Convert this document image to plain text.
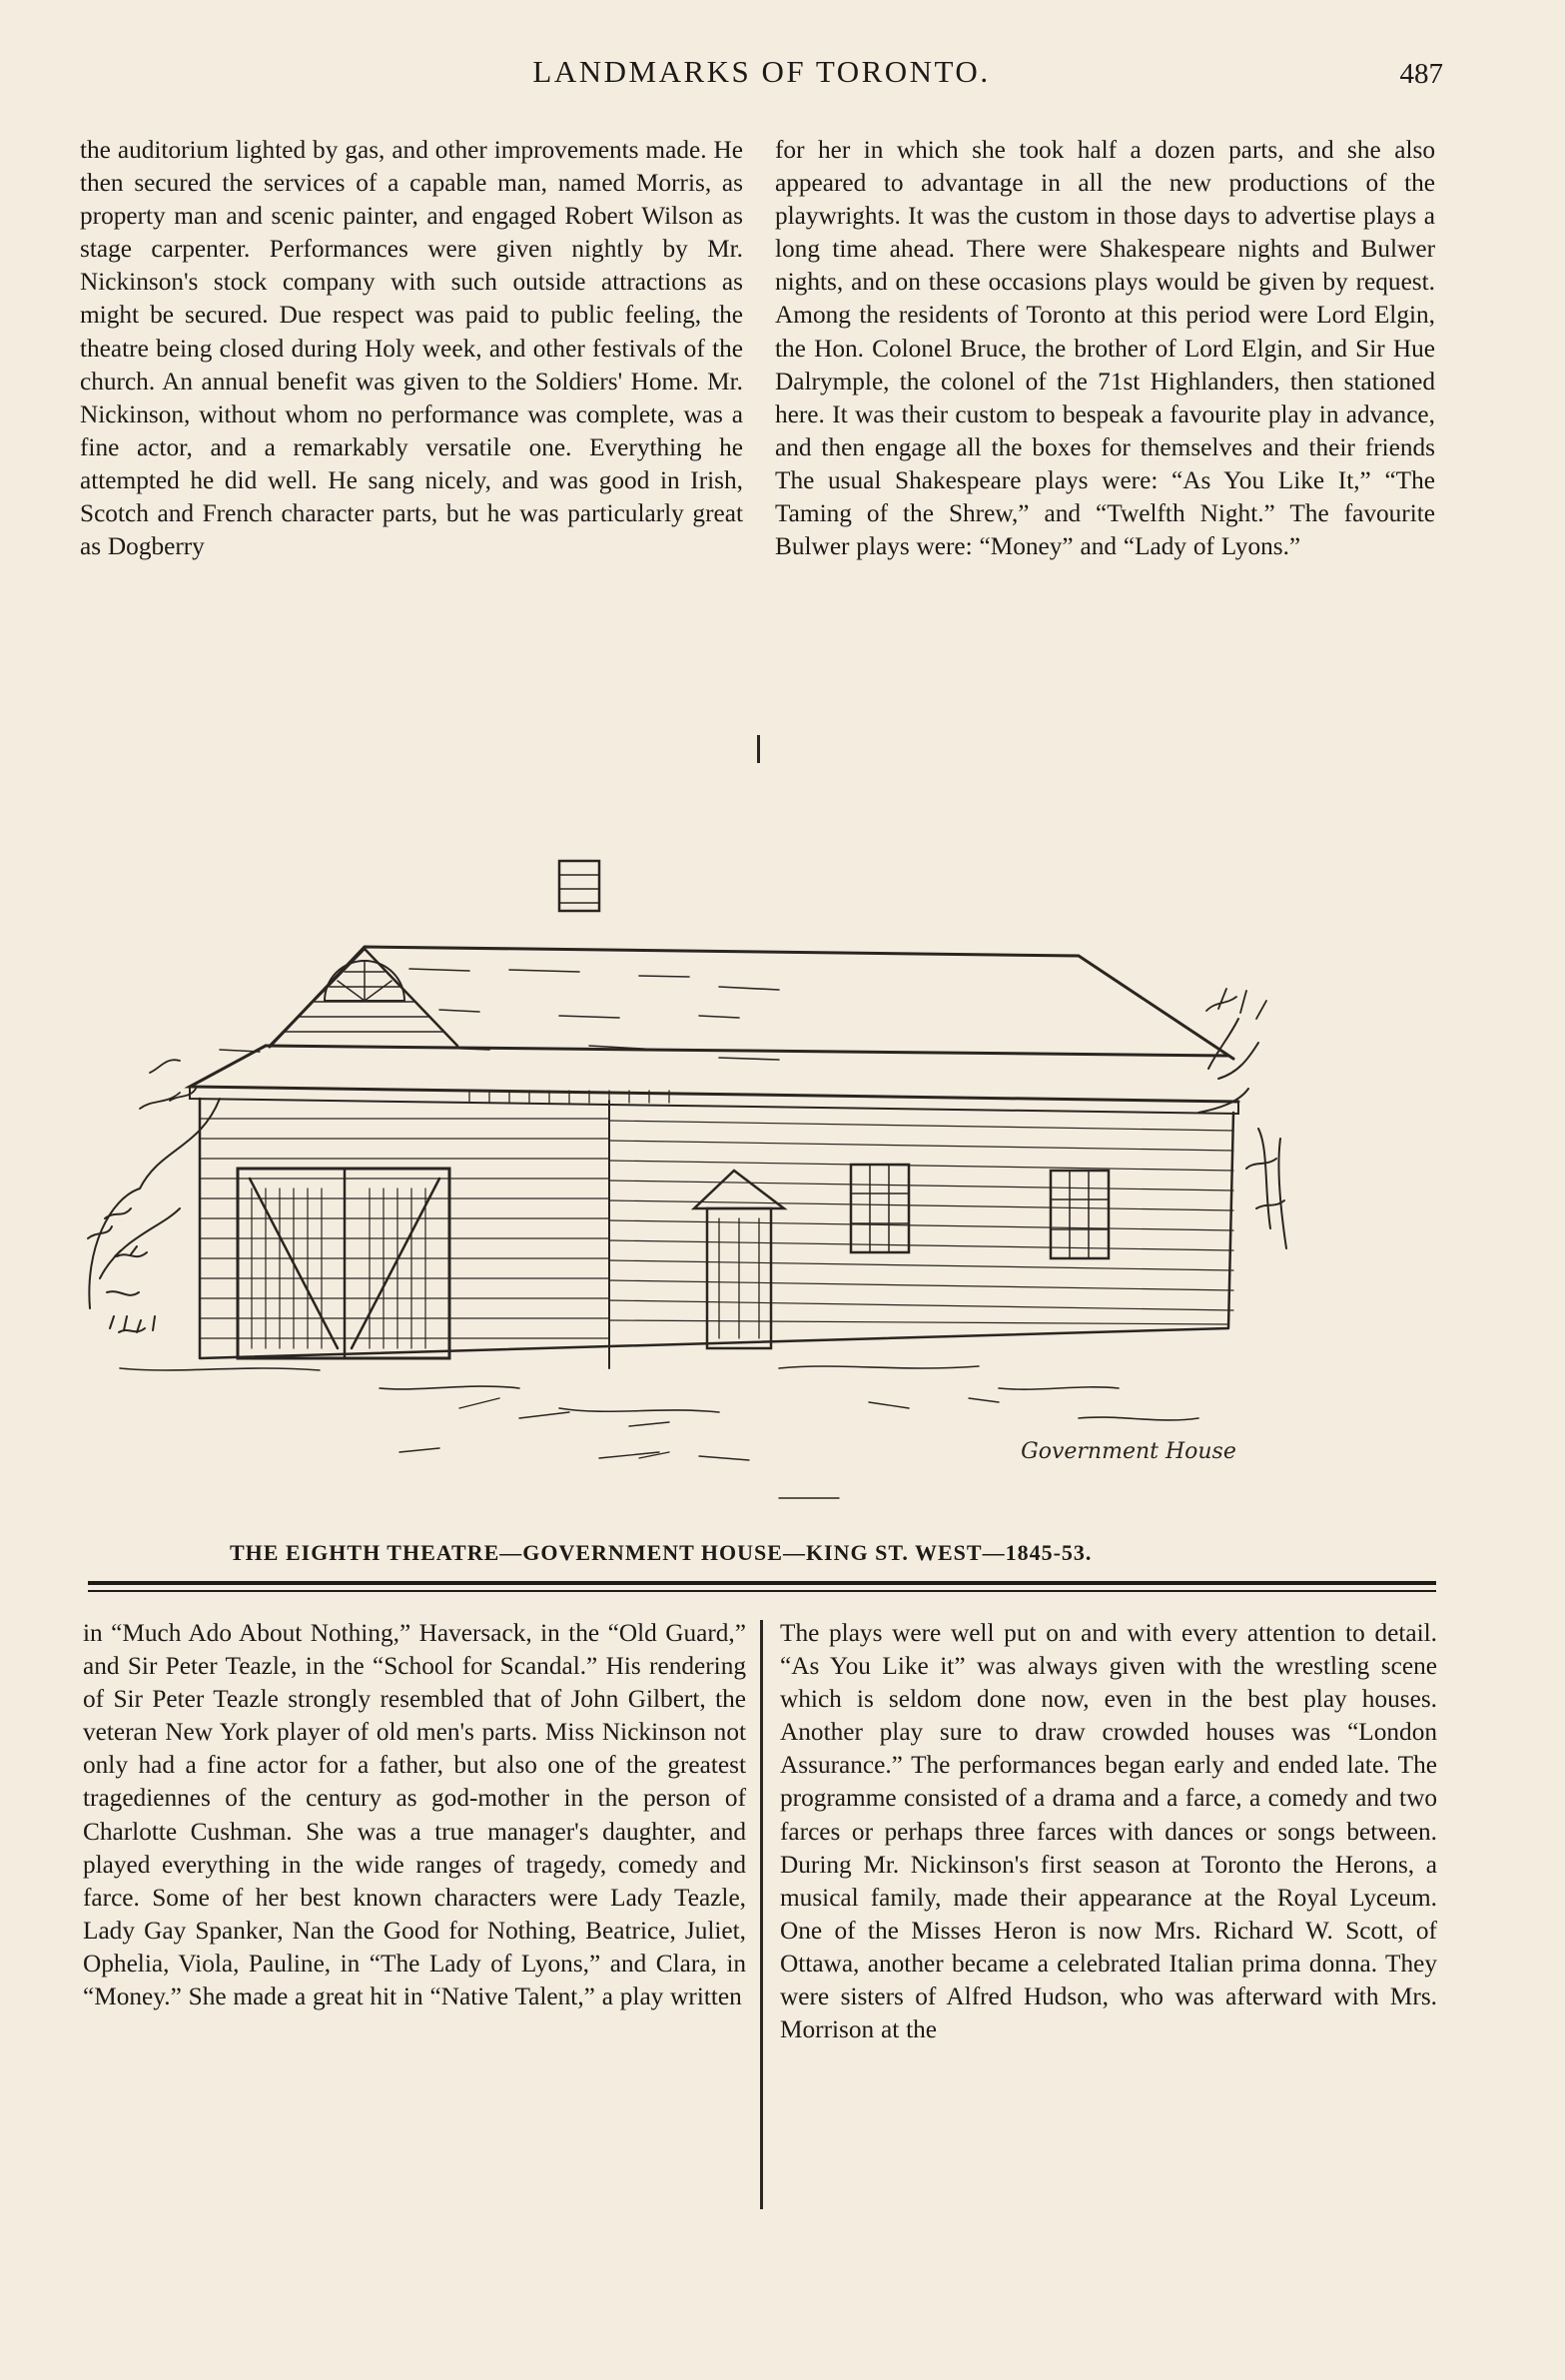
LANDMARKS OF TORONTO.	487

the auditorium lighted by gas, and other improvements made. He then secured the services of a capable man, named Morris, as property man and scenic painter, and engaged Robert Wilson as stage carpenter. Performances were given nightly by Mr. Nickinson's stock company with such outside attractions as might be secured. Due respect was paid to public feeling, the theatre being closed during Holy week, and other festivals of the church. An annual benefit was given to the Soldiers' Home. Mr. Nickinson, without whom no performance was complete, was a fine actor, and a remarkably versatile one. Everything he attempted he did well. He sang nicely, and was good in Irish, Scotch and French character parts, but he was particularly great as Dogberry

for her in which she took half a dozen parts, and she also appeared to advantage in all the new productions of the playwrights. It was the custom in those days to advertise plays a long time ahead. There were Shakespeare nights and Bulwer nights, and on these occasions plays would be given by request. Among the residents of Toronto at this period were Lord Elgin, the Hon. Colonel Bruce, the brother of Lord Elgin, and Sir Hue Dalrymple, the colonel of the 71st Highlanders, then stationed here. It was their custom to bespeak a favourite play in advance, and then engage all the boxes for themselves and their friends The usual Shakespeare plays were: “As You Like It,” “The Taming of the Shrew,” and “Twelfth Night.” The favourite Bulwer plays were: “Money” and “Lady of Lyons.”

Government House
THE EIGHTH THEATRE—GOVERNMENT HOUSE—KING ST. WEST—1845-53.

in “Much Ado About Nothing,” Haversack, in the “Old Guard,” and Sir Peter Teazle, in the “School for Scandal.” His rendering of Sir Peter Teazle strongly resembled that of John Gilbert, the veteran New York player of old men's parts. Miss Nickinson not only had a fine actor for a father, but also one of the greatest tragediennes of the century as god-mother in the person of Charlotte Cushman. She was a true manager's daughter, and played everything in the wide ranges of tragedy, comedy and farce. Some of her best known characters were Lady Teazle, Lady Gay Spanker, Nan the Good for Nothing, Beatrice, Juliet, Ophelia, Viola, Pauline, in “The Lady of Lyons,” and Clara, in “Money.” She made a great hit in “Native Talent,” a play written

The plays were well put on and with every attention to detail. “As You Like it” was always given with the wrestling scene which is seldom done now, even in the best play houses. Another play sure to draw crowded houses was “London Assurance.” The performances began early and ended late. The programme consisted of a drama and a farce, a comedy and two farces or perhaps three farces with dances or songs between. During Mr. Nickinson's first season at Toronto the Herons, a musical family, made their appearance at the Royal Lyceum. One of the Misses Heron is now Mrs. Richard W. Scott, of Ottawa, another became a celebrated Italian prima donna. They were sisters of Alfred Hudson, who was afterward with Mrs. Morrison at the
